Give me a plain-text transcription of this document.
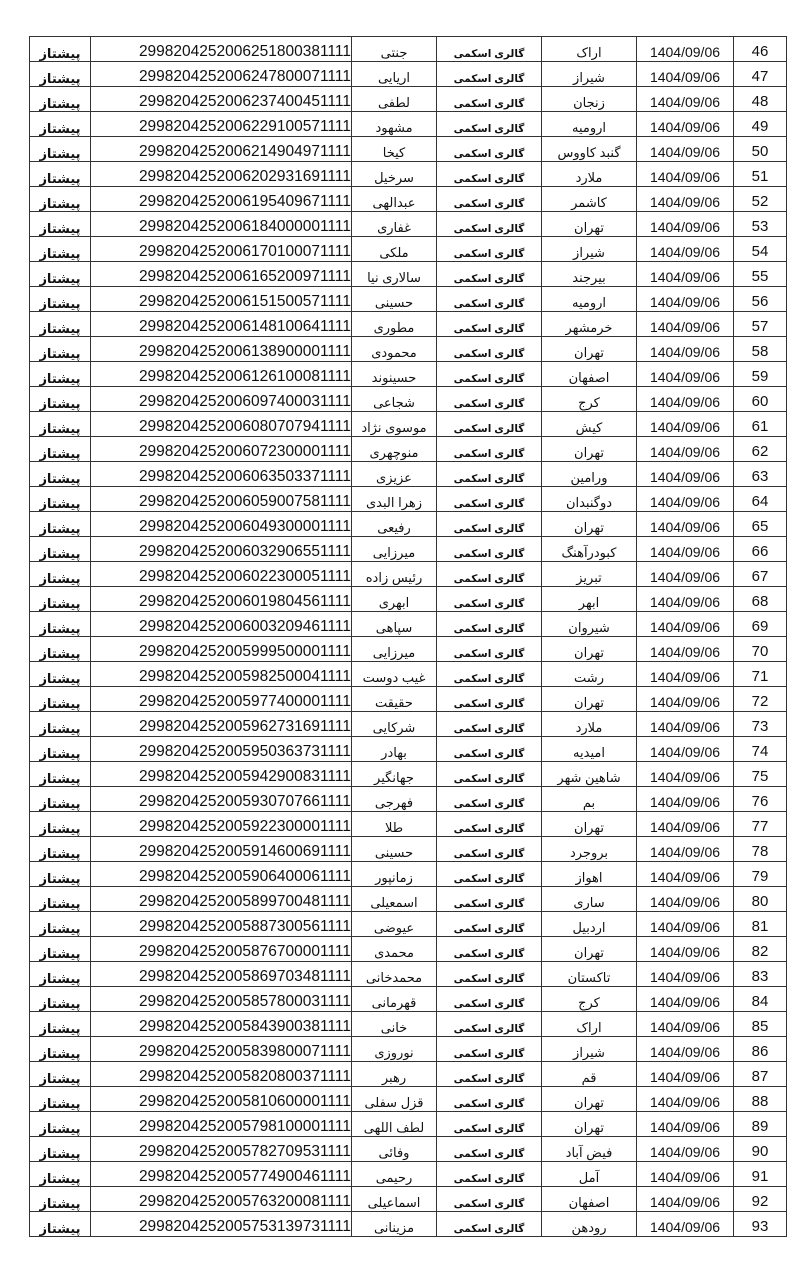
پیشتاز	2998204252006251800381111	جنتی	گالری اسکمی	اراک	1404/09/06	46
پیشتاز	2998204252006247800071111	اریایی	گالری اسکمی	شیراز	1404/09/06	47
پیشتاز	2998204252006237400451111	لطفی	گالری اسکمی	زنجان	1404/09/06	48
پیشتاز	2998204252006229100571111	مشهود	گالری اسکمی	ارومیه	1404/09/06	49
پیشتاز	2998204252006214904971111	کیخا	گالری اسکمی	گنبد کاووس	1404/09/06	50
پیشتاز	2998204252006202931691111	سرخیل	گالری اسکمی	ملارد	1404/09/06	51
پیشتاز	2998204252006195409671111	عبدالهی	گالری اسکمی	کاشمر	1404/09/06	52
پیشتاز	2998204252006184000001111	غفاری	گالری اسکمی	تهران	1404/09/06	53
پیشتاز	2998204252006170100071111	ملکی	گالری اسکمی	شیراز	1404/09/06	54
پیشتاز	2998204252006165200971111	سالاری نیا	گالری اسکمی	بیرجند	1404/09/06	55
پیشتاز	2998204252006151500571111	حسینی	گالری اسکمی	ارومیه	1404/09/06	56
پیشتاز	2998204252006148100641111	مطوری	گالری اسکمی	خرمشهر	1404/09/06	57
پیشتاز	2998204252006138900001111	محمودی	گالری اسکمی	تهران	1404/09/06	58
پیشتاز	2998204252006126100081111	حسینوند	گالری اسکمی	اصفهان	1404/09/06	59
پیشتاز	2998204252006097400031111	شجاعی	گالری اسکمی	کرج	1404/09/06	60
پیشتاز	2998204252006080707941111	موسوی نژاد	گالری اسکمی	کیش	1404/09/06	61
پیشتاز	2998204252006072300001111	منوچهری	گالری اسکمی	تهران	1404/09/06	62
پیشتاز	2998204252006063503371111	عزیزی	گالری اسکمی	ورامین	1404/09/06	63
پیشتاز	2998204252006059007581111	زهرا البدی	گالری اسکمی	دوگنبدان	1404/09/06	64
پیشتاز	2998204252006049300001111	رفیعی	گالری اسکمی	تهران	1404/09/06	65
پیشتاز	2998204252006032906551111	میرزایی	گالری اسکمی	کبودرآهنگ	1404/09/06	66
پیشتاز	2998204252006022300051111	رئیس زاده	گالری اسکمی	تبریز	1404/09/06	67
پیشتاز	2998204252006019804561111	ابهری	گالری اسکمی	ابهر	1404/09/06	68
پیشتاز	2998204252006003209461111	سپاهی	گالری اسکمی	شیروان	1404/09/06	69
پیشتاز	2998204252005999500001111	میرزایی	گالری اسکمی	تهران	1404/09/06	70
پیشتاز	2998204252005982500041111	غیب دوست	گالری اسکمی	رشت	1404/09/06	71
پیشتاز	2998204252005977400001111	حقیقت	گالری اسکمی	تهران	1404/09/06	72
پیشتاز	2998204252005962731691111	شرکایی	گالری اسکمی	ملارد	1404/09/06	73
پیشتاز	2998204252005950363731111	بهادر	گالری اسکمی	امیدیه	1404/09/06	74
پیشتاز	2998204252005942900831111	جهانگیر	گالری اسکمی	شاهین شهر	1404/09/06	75
پیشتاز	2998204252005930707661111	فهرجی	گالری اسکمی	بم	1404/09/06	76
پیشتاز	2998204252005922300001111	طلا	گالری اسکمی	تهران	1404/09/06	77
پیشتاز	2998204252005914600691111	حسینی	گالری اسکمی	بروجرد	1404/09/06	78
پیشتاز	2998204252005906400061111	زمانپور	گالری اسکمی	اهواز	1404/09/06	79
پیشتاز	2998204252005899700481111	اسمعیلی	گالری اسکمی	ساری	1404/09/06	80
پیشتاز	2998204252005887300561111	عیوضی	گالری اسکمی	اردبیل	1404/09/06	81
پیشتاز	2998204252005876700001111	محمدی	گالری اسکمی	تهران	1404/09/06	82
پیشتاز	2998204252005869703481111	محمدخانی	گالری اسکمی	تاکستان	1404/09/06	83
پیشتاز	2998204252005857800031111	قهرمانی	گالری اسکمی	کرج	1404/09/06	84
پیشتاز	2998204252005843900381111	خانی	گالری اسکمی	اراک	1404/09/06	85
پیشتاز	2998204252005839800071111	نوروزی	گالری اسکمی	شیراز	1404/09/06	86
پیشتاز	2998204252005820800371111	رهبر	گالری اسکمی	قم	1404/09/06	87
پیشتاز	2998204252005810600001111	قزل سفلی	گالری اسکمی	تهران	1404/09/06	88
پیشتاز	2998204252005798100001111	لطف اللهی	گالری اسکمی	تهران	1404/09/06	89
پیشتاز	2998204252005782709531111	وفائی	گالری اسکمی	فیض آباد	1404/09/06	90
پیشتاز	2998204252005774900461111	رحیمی	گالری اسکمی	آمل	1404/09/06	91
پیشتاز	2998204252005763200081111	اسماعیلی	گالری اسکمی	اصفهان	1404/09/06	92
پیشتاز	2998204252005753139731111	مزینانی	گالری اسکمی	رودهن	1404/09/06	93
